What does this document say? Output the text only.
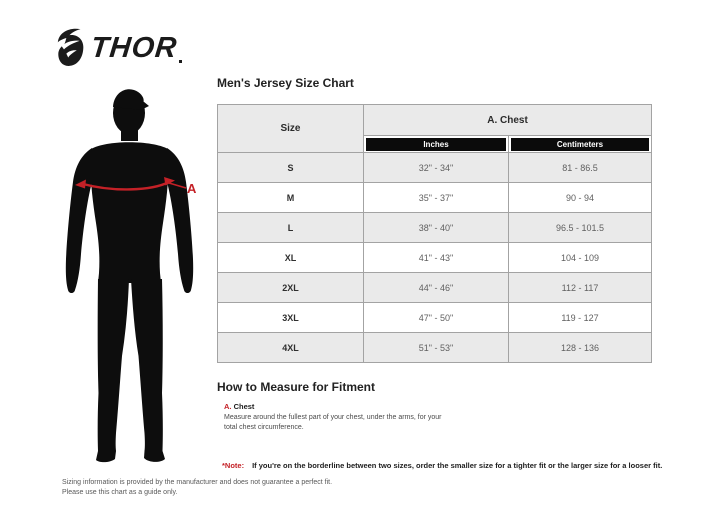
THOR
A
Men's Jersey Size Chart
Size	A. Chest	

	Inches	Centimeters

S	32" - 34"	81 - 86.5
M	35" - 37"	90 - 94
L	38" - 40"	96.5 - 101.5
XL	41" - 43"	104 - 109
2XL	44" - 46"	112 - 117
3XL	47" - 50"	119 - 127
4XL	51" - 53"	128 - 136
How to Measure for Fitment
A. Chest
Measure around the fullest part of your chest, under the arms, for your total chest circumference.
*Note: If you're on the borderline between two sizes, order the smaller size for a tighter fit or the larger size for a looser fit.
Sizing information is provided by the manufacturer and does not guarantee a perfect fit.
Please use this chart as a guide only.
